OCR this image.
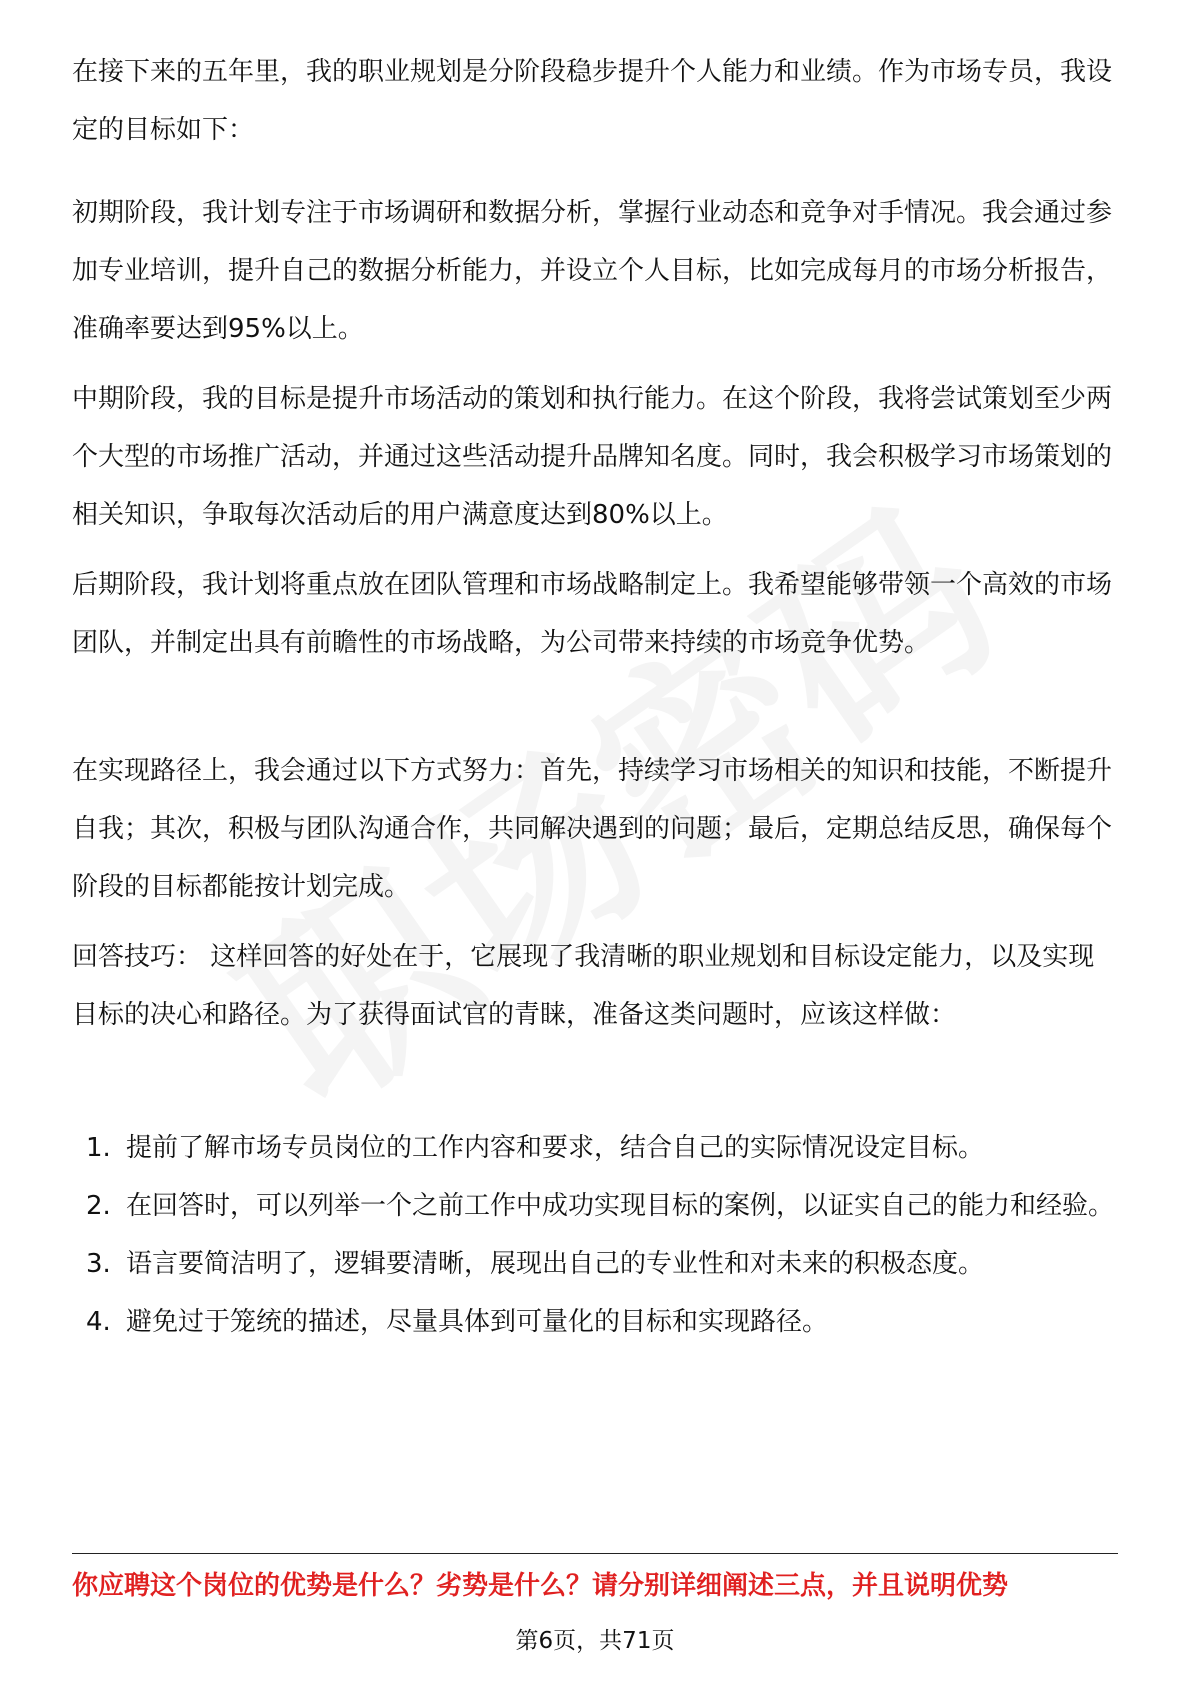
在接下来的五年里，我的职业规划是分阶段稳步提升个人能力和业绩。作为市场专员，我设定的目标如下：

初期阶段，我计划专注于市场调研和数据分析，掌握行业动态和竞争对手情况。我会通过参加专业培训，提升自己的数据分析能力，并设立个人目标，比如完成每月的市场分析报告，准确率要达到95%以上。

中期阶段，我的目标是提升市场活动的策划和执行能力。在这个阶段，我将尝试策划至少两个大型的市场推广活动，并通过这些活动提升品牌知名度。同时，我会积极学习市场策划的相关知识，争取每次活动后的用户满意度达到80%以上。

后期阶段，我计划将重点放在团队管理和市场战略制定上。我希望能够带领一个高效的市场团队，并制定出具有前瞻性的市场战略，为公司带来持续的市场竞争优势。

在实现路径上，我会通过以下方式努力：首先，持续学习市场相关的知识和技能，不断提升自我；其次，积极与团队沟通合作，共同解决遇到的问题；最后，定期总结反思，确保每个阶段的目标都能按计划完成。

回答技巧： 这样回答的好处在于，它展现了我清晰的职业规划和目标设定能力，以及实现目标的决心和路径。为了获得面试官的青睐，准备这类问题时，应该这样做：

1. 提前了解市场专员岗位的工作内容和要求，结合自己的实际情况设定目标。
2. 在回答时，可以列举一个之前工作中成功实现目标的案例，以证实自己的能力和经验。
3. 语言要简洁明了，逻辑要清晰，展现出自己的专业性和对未来的积极态度。
4. 避免过于笼统的描述，尽量具体到可量化的目标和实现路径。
你应聘这个岗位的优势是什么？劣势是什么？请分别详细阐述三点，并且说明优势
第6页，共71页
